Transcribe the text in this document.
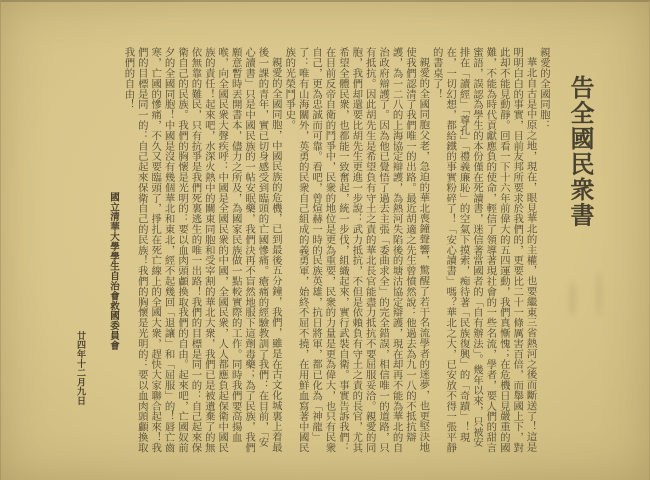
告全國民衆書

親愛的全國同胞：

華北自古是中原之地，現在，眼見華北的主權，也要繼東三省熱河之後而斷送了！這是明明白白的事實，目前友邦所要求於我們的，更要比二十一條厲害百倍，而舉國上下，對此却不能見動靜。回看一下十六年前偉大的五四運動，我們真慚愧；在危機日見嚴重的國難，不能為時代貢獻應負的使命，輕信了領導著現社會的一些名流，學者，要人們的甜言蜜語，誤認為學生的本份僅在死讀書，迷信著當國者的「自有辦法」。幾年以來，只被安排在「讀經」「尊孔」「禮義廉恥」的空氣下摸索，痴待著「民族復興」的「奇蹟」！現在，一切幻想，都給鐵的事實粉碎了！「安心讀書」嗎？華北之大，已安放不得一張平靜的書桌了！

親愛的全國同胞父老，急迫的華北喪鐘聲響，驚醒了若干名流學者的迷夢，也更堅決地使我們認清了我們唯一的出路。最近胡適之先生曾憤然說：他過去為九一八的不抵抗辯護，為一二八的上海協定辯護，為熱河失陷後的塘沽協定辯護，現在却再不能為華北的自治政府辯護了。因為他已覺悟了過去主張「委曲求全」的完全錯誤，相信唯一的道路，只有抵抗。因此胡先生是希望負有守土之責的華北長官能盡力抵抗不要屈服妥洽。親愛的同胞，我們却還要比胡先生更進一步說：武力抵抗，不但是依賴負有守土之責的長官，尤其希望全體民衆，也都能一致奮起，統一步伐，組織起來，實行武裝自衛。事實告訴我們：在目前反帝自衛的鬥爭中，民衆的地位是更為重要，民衆的力量是更為偉大，也只有民衆自己，更為忠誠而可靠。看吧，曾煊赫一時的民族英雄，抗日將軍，都已化為「神龍」了：唯有山海關外，英勇的民衆自己組成的義勇軍，始終不屈不撓，在用鮮血寫著中國民族的光榮鬥爭史。

親愛的全國同胞，中國民族的危機，已到最後五分鐘，我們，雖是在古文化城裏上着最後一課的青年，實已切身感受到臨頭的亡國慘痛。瘡痛的經驗教訓了我們：在目前，「安心讀書」只是中國民族的一帖安眠藥，我們決再不盲然地服下這劑毒藥；為了民族，我們願意暫時丟開書本，儘力之所及，為國家民族做一點較實際的工作。同時我們要高揚血喉，向全國民衆大聲疾呼：中國是全國民衆的中國，全國民衆，人人都應負起保衛中國民族的責任！起來吧，水深火熱中的關東同胞和受宰割的華北大衆，我們已是被遺棄了的無依無靠的難民，只有抗爭是我們死裏逃生的唯一出路！我們的目標是同一的：自己起來保衛自己的民族。我們的胸懷是光明的：要以血肉頭顱換取我們的自由。起來吧，亡國奴前夕的全國同胞！中國是沒有幾個華北和東北，經不起幾回「退讓」和「屈服」的！唇亡齒寒，亡國的慘痛，不久又要臨頭了，掙扎在死亡線上的全國大衆，趕快大家聯合起來！我們的目標是同一的：自己起來保衛自己的民族！我們的胸懷是光明的：要以血肉頭顱換取我們的自由！

國立清華大學學生自治會救國委員會
廿四年十二月九日
